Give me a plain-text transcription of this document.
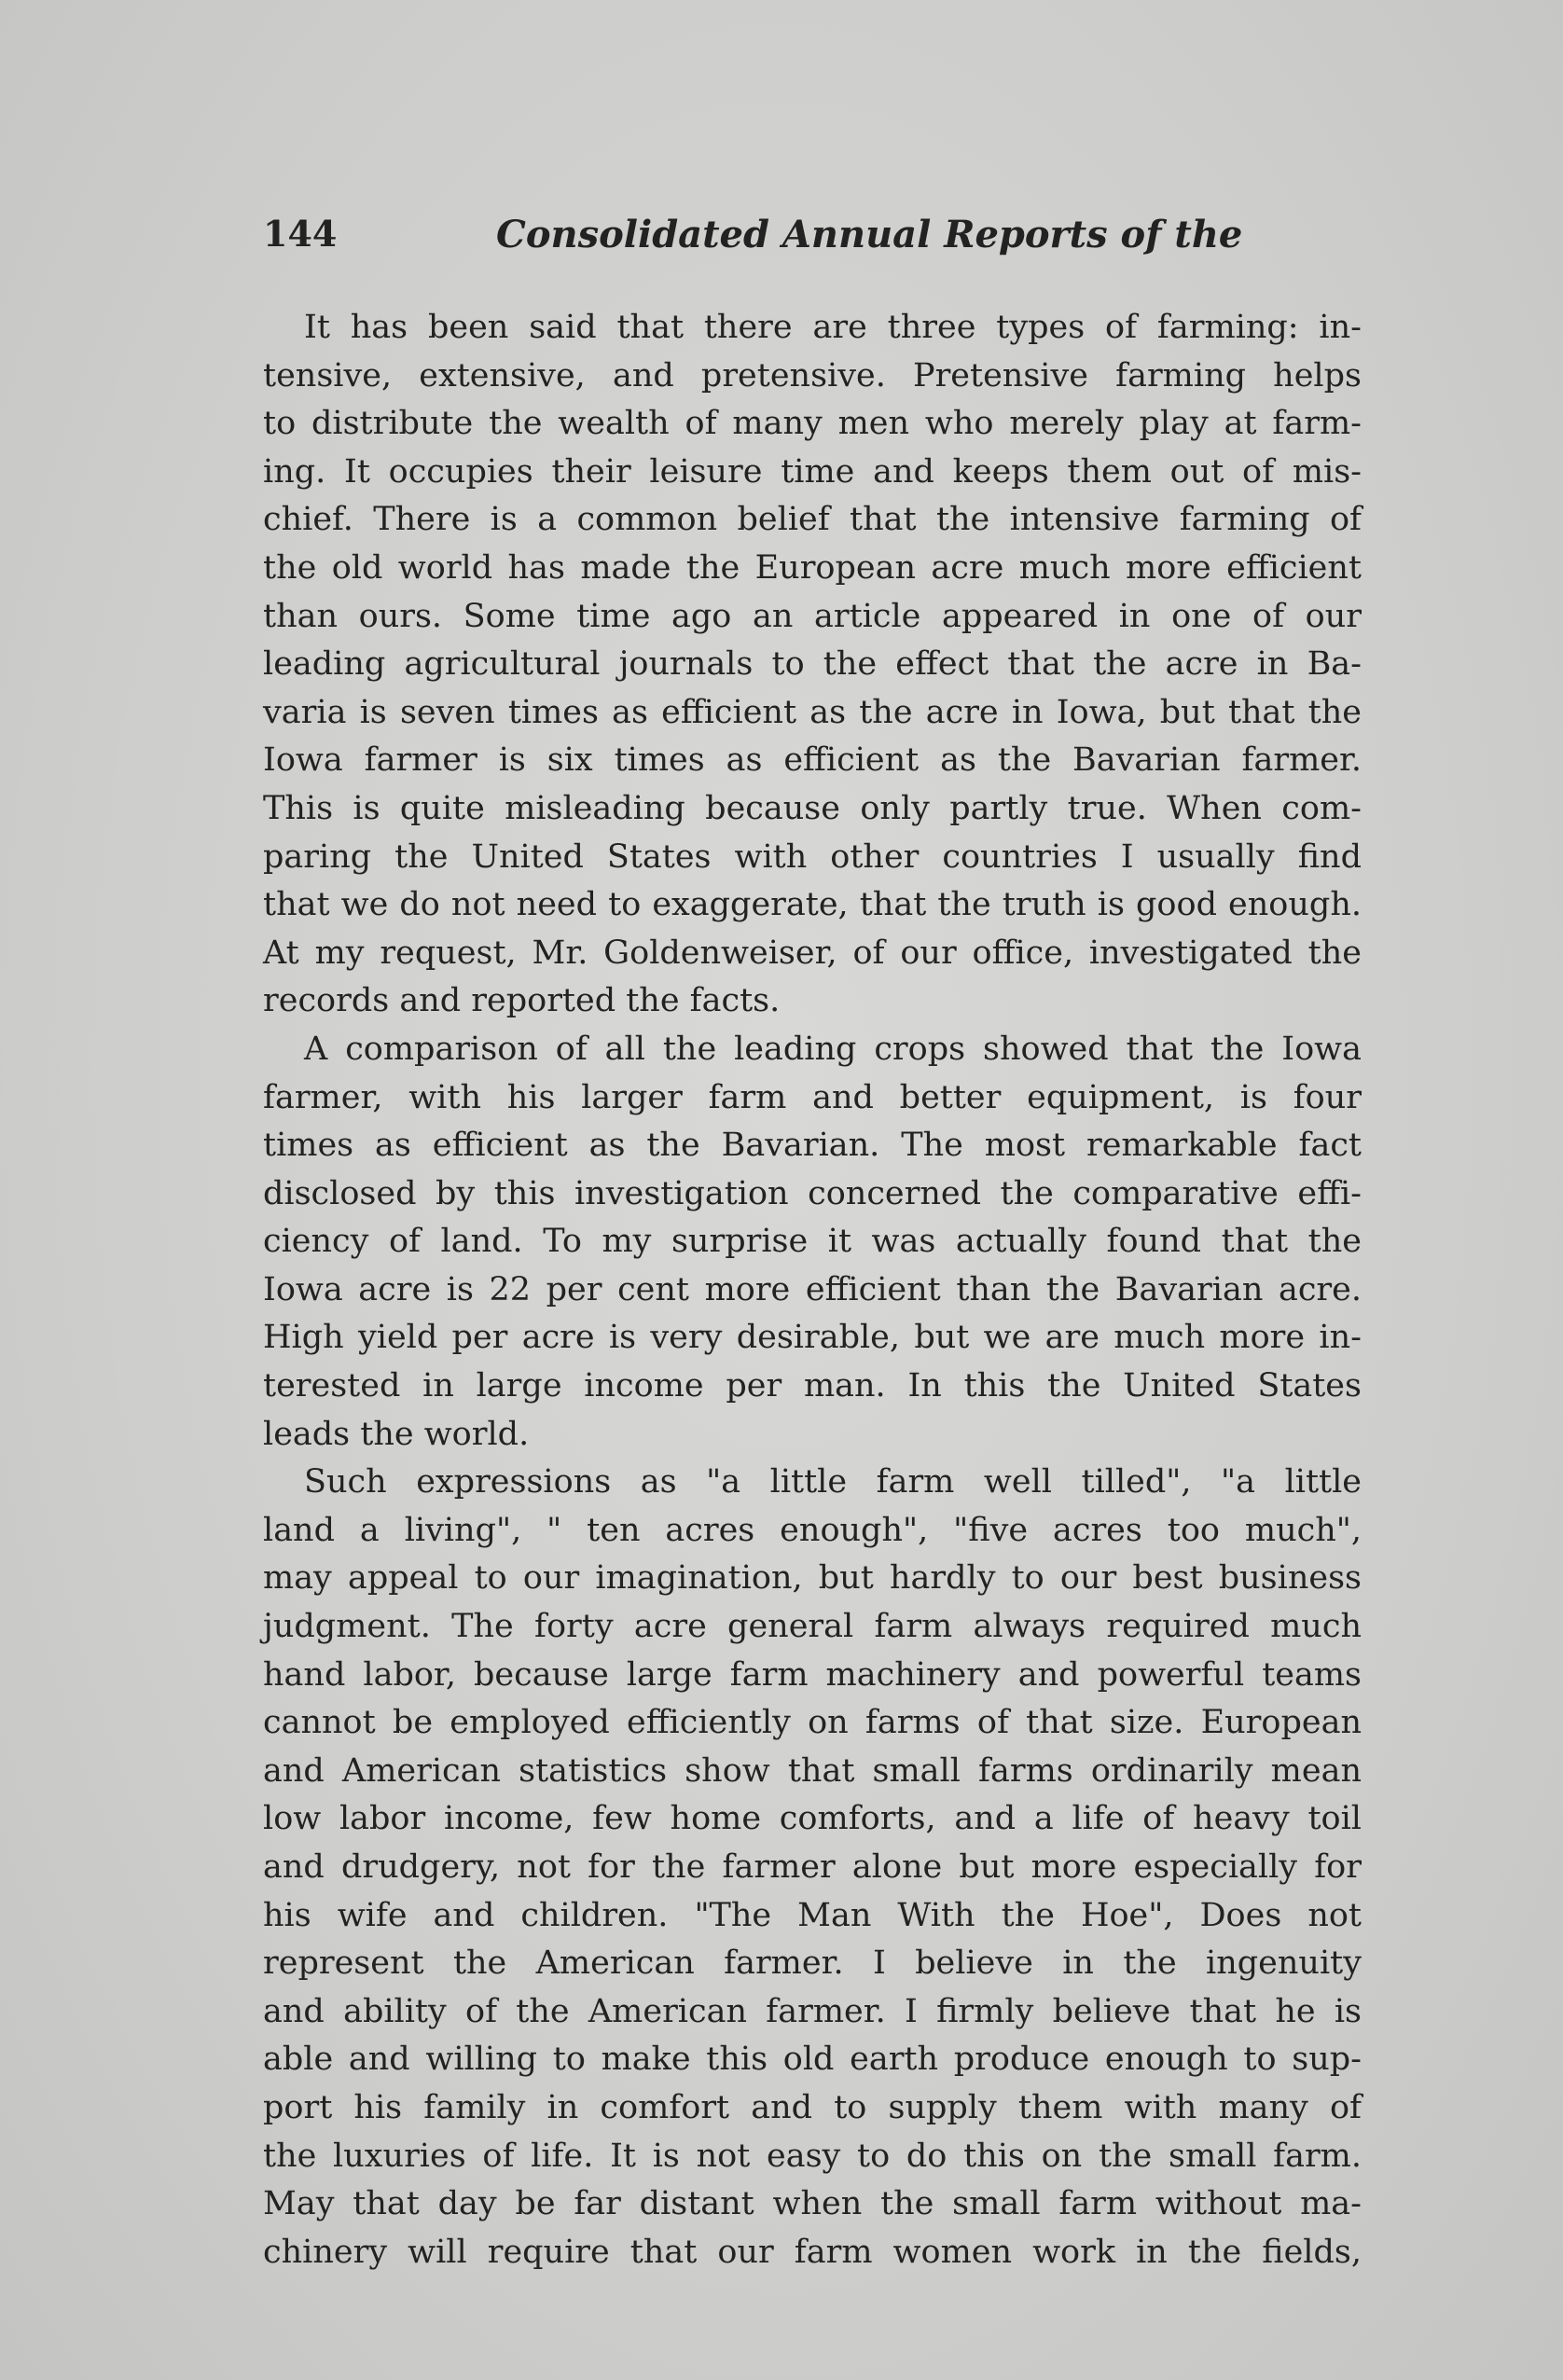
144	Consolidated Annual Reports of the
It has been said that there are three types of farming: in-
tensive, extensive, and pretensive. Pretensive farming helps
to distribute the wealth of many men who merely play at farm-
ing. It occupies their leisure time and keeps them out of mis-
chief. There is a common belief that the intensive farming of
the old world has made the European acre much more efficient
than ours. Some time ago an article appeared in one of our
leading agricultural journals to the effect that the acre in Ba-
varia is seven times as efficient as the acre in Iowa, but that the
Iowa farmer is six times as efficient as the Bavarian farmer.
This is quite misleading because only partly true. When com-
paring the United States with other countries I usually find
that we do not need to exaggerate, that the truth is good enough.
At my request, Mr. Goldenweiser, of our office, investigated the
records and reported the facts.
A comparison of all the leading crops showed that the Iowa
farmer, with his larger farm and better equipment, is four
times as efficient as the Bavarian. The most remarkable fact
disclosed by this investigation concerned the comparative effi-
ciency of land. To my surprise it was actually found that the
Iowa acre is 22 per cent more efficient than the Bavarian acre.
High yield per acre is very desirable, but we are much more in-
terested in large income per man. In this the United States
leads the world.
Such expressions as "a little farm well tilled", "a little
land a living", " ten acres enough", "five acres too much",
may appeal to our imagination, but hardly to our best business
judgment. The forty acre general farm always required much
hand labor, because large farm machinery and powerful teams
cannot be employed efficiently on farms of that size. European
and American statistics show that small farms ordinarily mean
low labor income, few home comforts, and a life of heavy toil
and drudgery, not for the farmer alone but more especially for
his wife and children. "The Man With the Hoe", Does not
represent the American farmer. I believe in the ingenuity
and ability of the American farmer. I firmly believe that he is
able and willing to make this old earth produce enough to sup-
port his family in comfort and to supply them with many of
the luxuries of life. It is not easy to do this on the small farm.
May that day be far distant when the small farm without ma-
chinery will require that our farm women work in the fields,
